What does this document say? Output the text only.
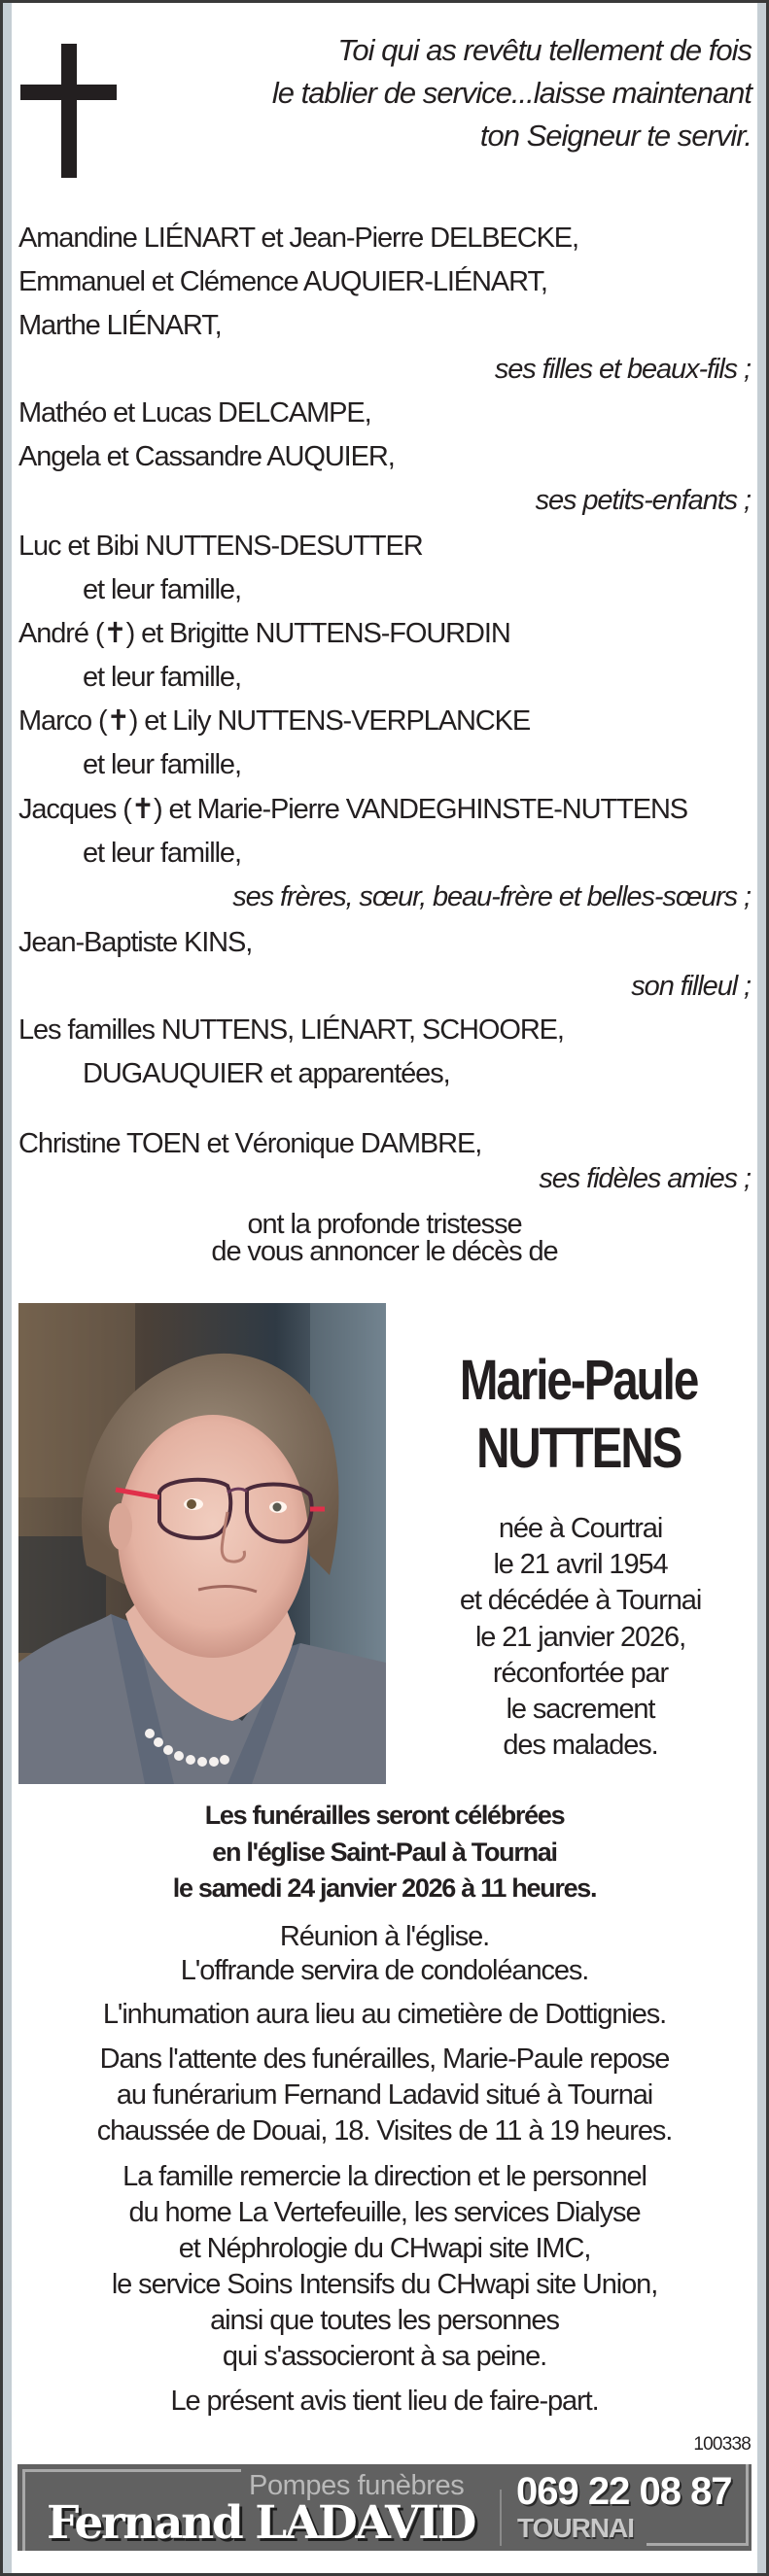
Toi qui as revêtu tellement de fois
le tablier de service...laisse maintenant
ton Seigneur te servir.
Amandine LIÉNART et Jean-Pierre DELBECKE,
Emmanuel et Clémence AUQUIER-LIÉNART,
Marthe LIÉNART,
ses filles et beaux-fils ;
Mathéo et Lucas DELCAMPE,
Angela et Cassandre AUQUIER,
ses petits-enfants ;
Luc et Bibi NUTTENS-DESUTTER
et leur famille,
André (✝) et Brigitte NUTTENS-FOURDIN
et leur famille,
Marco (✝) et Lily NUTTENS-VERPLANCKE
et leur famille,
Jacques (✝) et Marie-Pierre VANDEGHINSTE-NUTTENS
et leur famille,
ses frères, sœur, beau-frère et belles-sœurs ;
Jean-Baptiste KINS,
son filleul ;
Les familles NUTTENS, LIÉNART, SCHOORE,
DUGAUQUIER et apparentées,
Christine TOEN et Véronique DAMBRE,
ses fidèles amies ;
ont la profonde tristesse
de vous annoncer le décès de
Marie-Paule
NUTTENS
née à Courtrai
le 21 avril 1954
et décédée à Tournai
le 21 janvier 2026,
réconfortée par
le sacrement
des malades.
Les funérailles seront célébrées
en l'église Saint-Paul à Tournai
le samedi 24 janvier 2026 à 11 heures.
Réunion à l'église.
L'offrande servira de condoléances.
L'inhumation aura lieu au cimetière de Dottignies.
Dans l'attente des funérailles, Marie-Paule repose
au funérarium Fernand Ladavid situé à Tournai
chaussée de Douai, 18. Visites de 11 à 19 heures.
La famille remercie la direction et le personnel
du home La Vertefeuille, les services Dialyse
et Néphrologie du CHwapi site IMC,
le service Soins Intensifs du CHwapi site Union,
ainsi que toutes les personnes
qui s'associeront à sa peine.
Le présent avis tient lieu de faire-part.
100338
Pompes funèbres
Fernand LADAVID
069 22 08 87
TOURNAI
